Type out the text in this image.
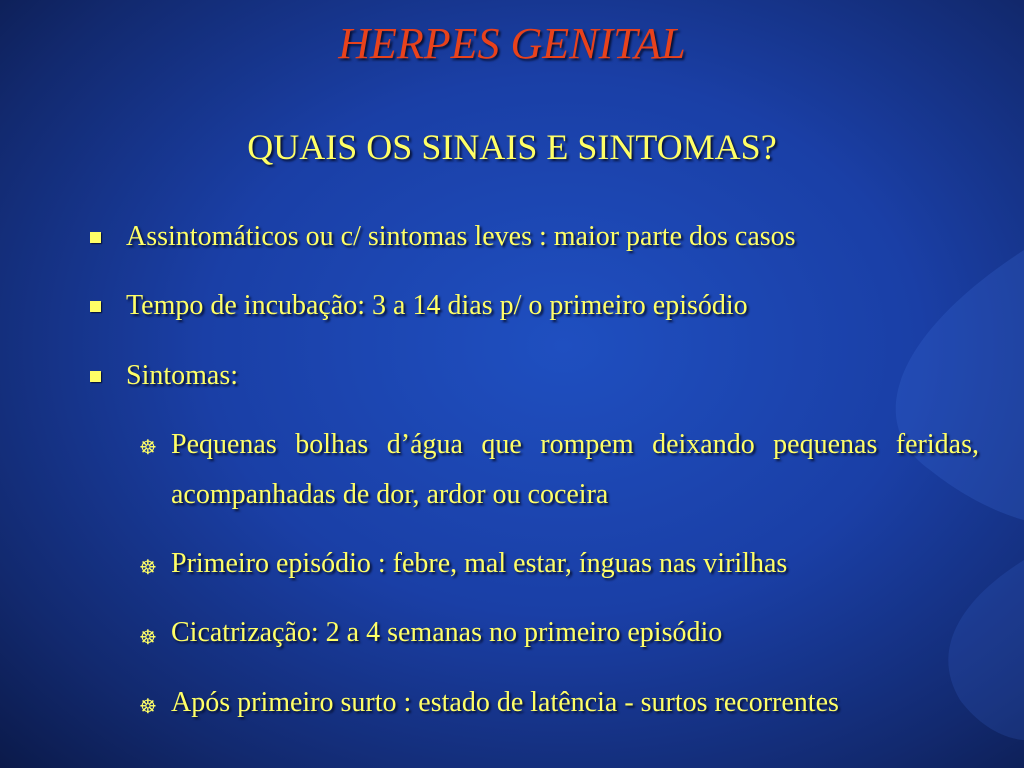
HERPES GENITAL
QUAIS OS SINAIS E SINTOMAS?
Assintomáticos ou c/ sintomas leves : maior parte dos casos
Tempo de incubação: 3 a 14 dias p/ o primeiro episódio
Sintomas:
☸ Pequenas bolhas d’água que rompem deixando pequenas feridas, acompanhadas de dor, ardor ou coceira
☸ Primeiro episódio : febre, mal estar, ínguas nas virilhas
☸ Cicatrização: 2 a 4 semanas no primeiro episódio
☸ Após primeiro surto : estado de latência - surtos recorrentes
